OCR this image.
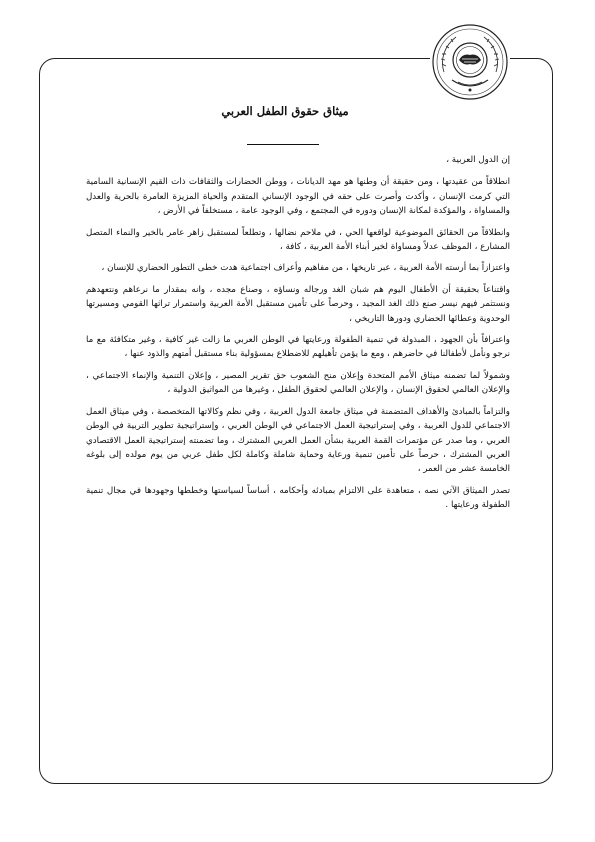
ميثاق حقوق الطفل العربي

إن الدول العربية ،

انطلاقاً من عقيدتها ، ومن حقيقة أن وطنها هو مهد الديانات ، ووطن الحضارات والثقافات ذات القيم الإنسانية السامية التي كرمت الإنسان ، وأكدت وأصرت على حقه في الوجود الإنساني المتقدم والحياة المزيزة العامرة بالحرية والعدل والمساواة ، والمؤكدة لمكانة الإنسان ودوره في المجتمع ، وفي الوجود عامة ، مستخلفاً في الأرض ،

وانطلاقاً من الحقائق الموضوعية لواقعها الحي ، في ملاحم نضالها ، وتطلعاً لمستقبل زاهر عامر بالخير والنماء المتصل المشارع ، الموظف عدلاً ومساواة لخير أبناء الأمة العربية ، كافة ،

واعتزازاً بما أرسته الأمة العربية ، عبر تاريخها ، من مفاهيم وأعراف اجتماعية هدت خطى التطور الحضاري للإنسان ،

واقتناعاً بحقيقة أن الأطفال اليوم هم شبان الغد ورجاله ونساؤه ، وصناع مجده ، وانه بمقدار ما نرعاهم ونتعهدهم ونستثمر فيهم نيسر صنع ذلك الغد المجيد ، وحرصاً على تأمين مستقبل الأمة العربية واستمرار تراثها القومي ومسيرتها الوحدوية وعطائها الحضاري ودورها التاريخي ،

واعترافاً بأن الجهود ، المبذولة في تنمية الطفولة ورعايتها في الوطن العربي ما زالت غير كافية ، وغير متكافئة مع ما نرجو ونأمل لأطفالنا في حاضرهم ، ومع ما يؤمن تأهيلهم للاضطلاع بمسؤولية بناء مستقبل أمتهم والذود عنها ،

وشمولاً لما تضمنه ميثاق الأمم المتحدة وإعلان منح الشعوب حق تقرير المصير ، وإعلان التنمية والإنماء الاجتماعي ، والإعلان العالمي لحقوق الإنسان ، والإعلان العالمي لحقوق الطفل ، وغيرها من المواثيق الدولية ،

والتزاماً بالمبادئ والأهداف المتضمنة في ميثاق جامعة الدول العربية ، وفي نظم وكالاتها المتخصصة ، وفي ميثاق العمل الاجتماعي للدول العربية ، وفي إستراتيجية العمل الاجتماعي في الوطن العربي ، وإستراتيجية تطوير التربية في الوطن العربي ، وما صدر عن مؤتمرات القمة العربية بشأن العمل العربي المشترك ، وما تضمنته إستراتيجية العمل الاقتصادي العربي المشترك ، حرصاً على تأمين تنمية ورعاية وحماية شاملة وكاملة لكل طفل عربي من يوم مولده إلى بلوغه الخامسة عشر من العمر ،

تصدر الميثاق الآتي نصه ، متعاهدة على الالتزام بمبادئه وأحكامه ، أساساً لسياستها وخططها وجهودها في مجال تنمية الطفولة ورعايتها .
